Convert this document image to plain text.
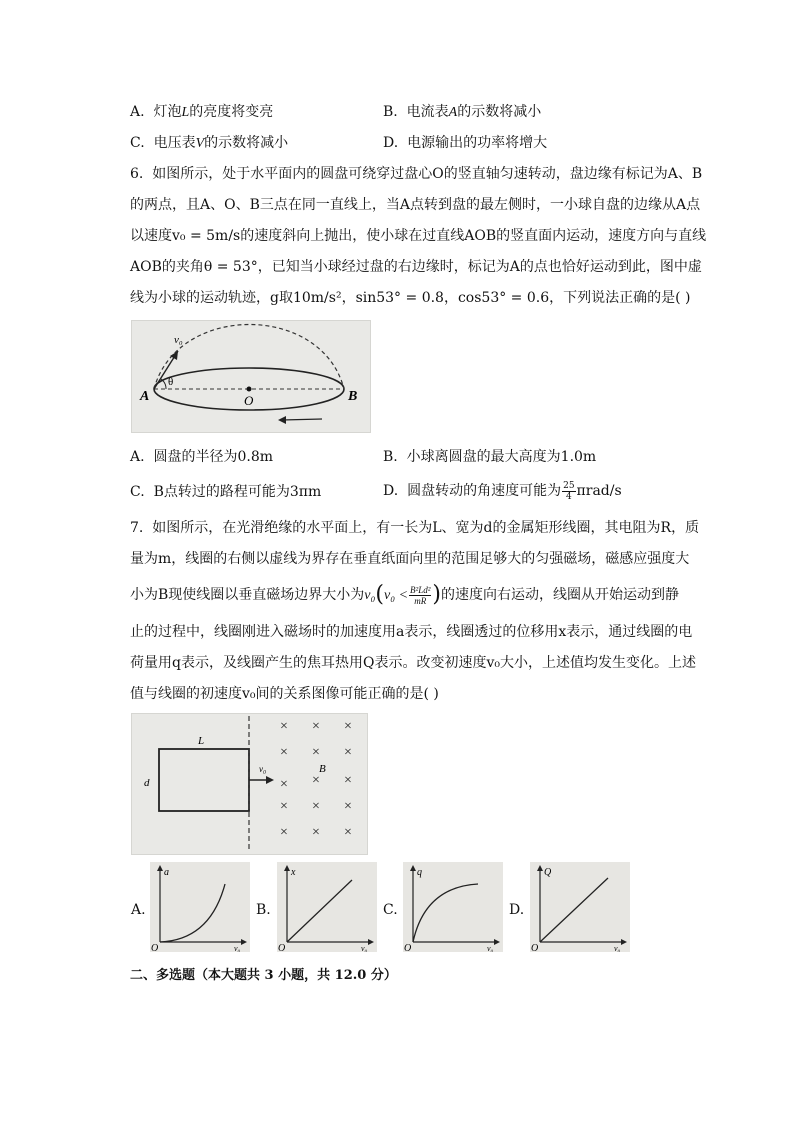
A. 灯泡L的亮度将变亮	B. 电流表A的示数将减小
C. 电压表V的示数将减小	D. 电源输出的功率将增大
6. 如图所示，处于水平面内的圆盘可绕穿过盘心O的竖直轴匀速转动，盘边缘有标记为A、B
的两点，且A、O、B三点在同一直线上，当A点转到盘的最左侧时，一小球自盘的边缘从A点
以速度v₀ = 5m/s的速度斜向上抛出，使小球在过直线AOB的竖直面内运动，速度方向与直线
AOB的夹角θ = 53°，已知当小球经过盘的右边缘时，标记为A的点也恰好运动到此，图中虚
线为小球的运动轨迹，g取10m/s²，sin53° = 0.8，cos53° = 0.6，下列说法正确的是( )
v₀
θ
A	O	B
A. 圆盘的半径为0.8m	B. 小球离圆盘的最大高度为1.0m
C. B点转过的路程可能为3πm	D. 圆盘转动的角速度可能为 $\frac{25}{4} \pi rad/s$
7. 如图所示，在光滑绝缘的水平面上，有一长为L、宽为d的金属矩形线圈，其电阻为R，质
量为m，线圈的右侧以虚线为界存在垂直纸面向里的范围足够大的匀强磁场，磁感应强度大
小为B现使线圈以垂直磁场边界大小为$v_0(v_0 < \frac{\text{B²Ld²}}{mR}$ )的速度向右运动，线圈从开始运动到静
止的过程中，线圈刚进入磁场时的加速度用a表示，线圈透过的位移用x表示，通过线圈的电
荷量用q表示，及线圈产生的焦耳热用Q表示。改变初速度v₀大小，上述值均发生变化。上述
值与线圈的初速度v₀间的关系图像可能正确的是( )
L
d
v₀	B
× × ×
× × ×
× ×
× × ×
× × ×
×
A.
a
v₀
O
B.
x
v₀
O
C.
q
v₀
O
D.
Q
v₀
O
二、多选题（本大题共 3 小题，共 12.0 分）
